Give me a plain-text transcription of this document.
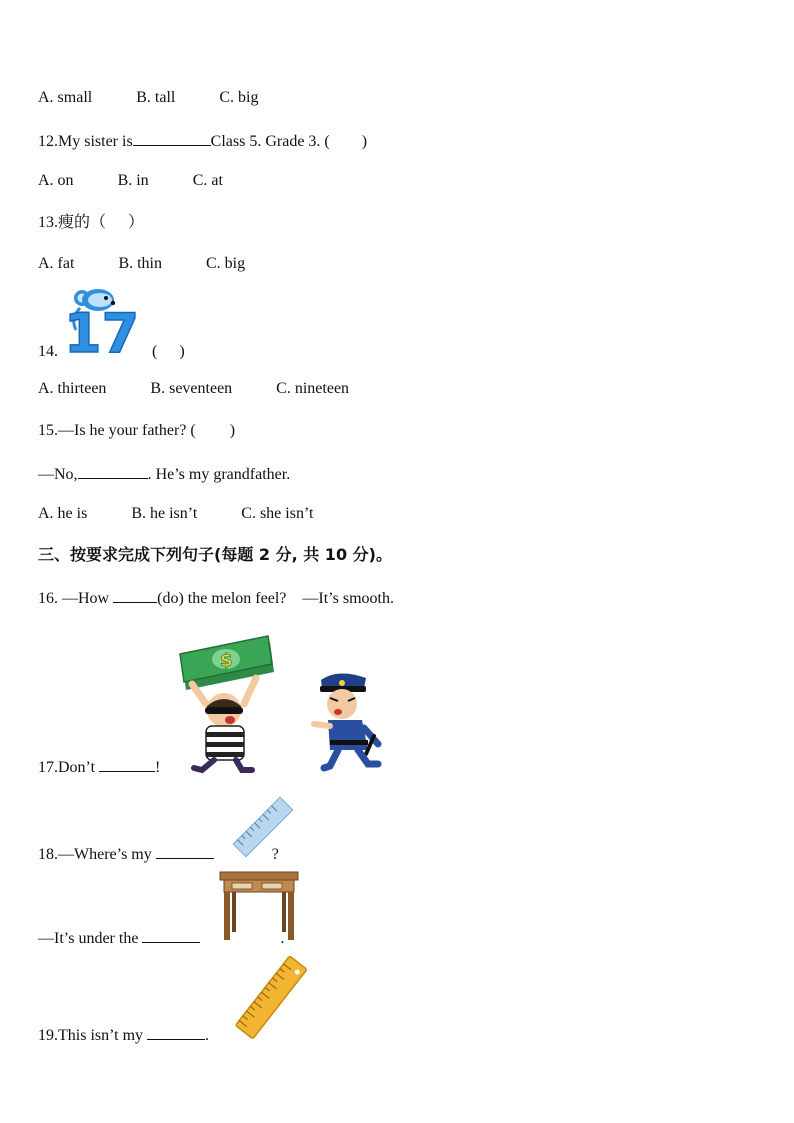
A. small	B. tall	C. big
12.My sister is	Class 5. Grade 3. ( )
A. on	B. in	C. at
13.瘦的（ ）
A. fat	B. thin	C. big
17
14.	( )
A. thirteen	B. seventeen	C. nineteen
15.—Is he your father? ( )
—No,	. He’s my grandfather.
A. he is	B. he isn’t	C. she isn’t
三、按要求完成下列句子(每题 2 分, 共 10 分)。
16. —How	(do) the melon feel? —It’s smooth.
$
17.Don’t	!
18.—Where’s my	?
—It’s under the	.
19.This isn’t my	.
